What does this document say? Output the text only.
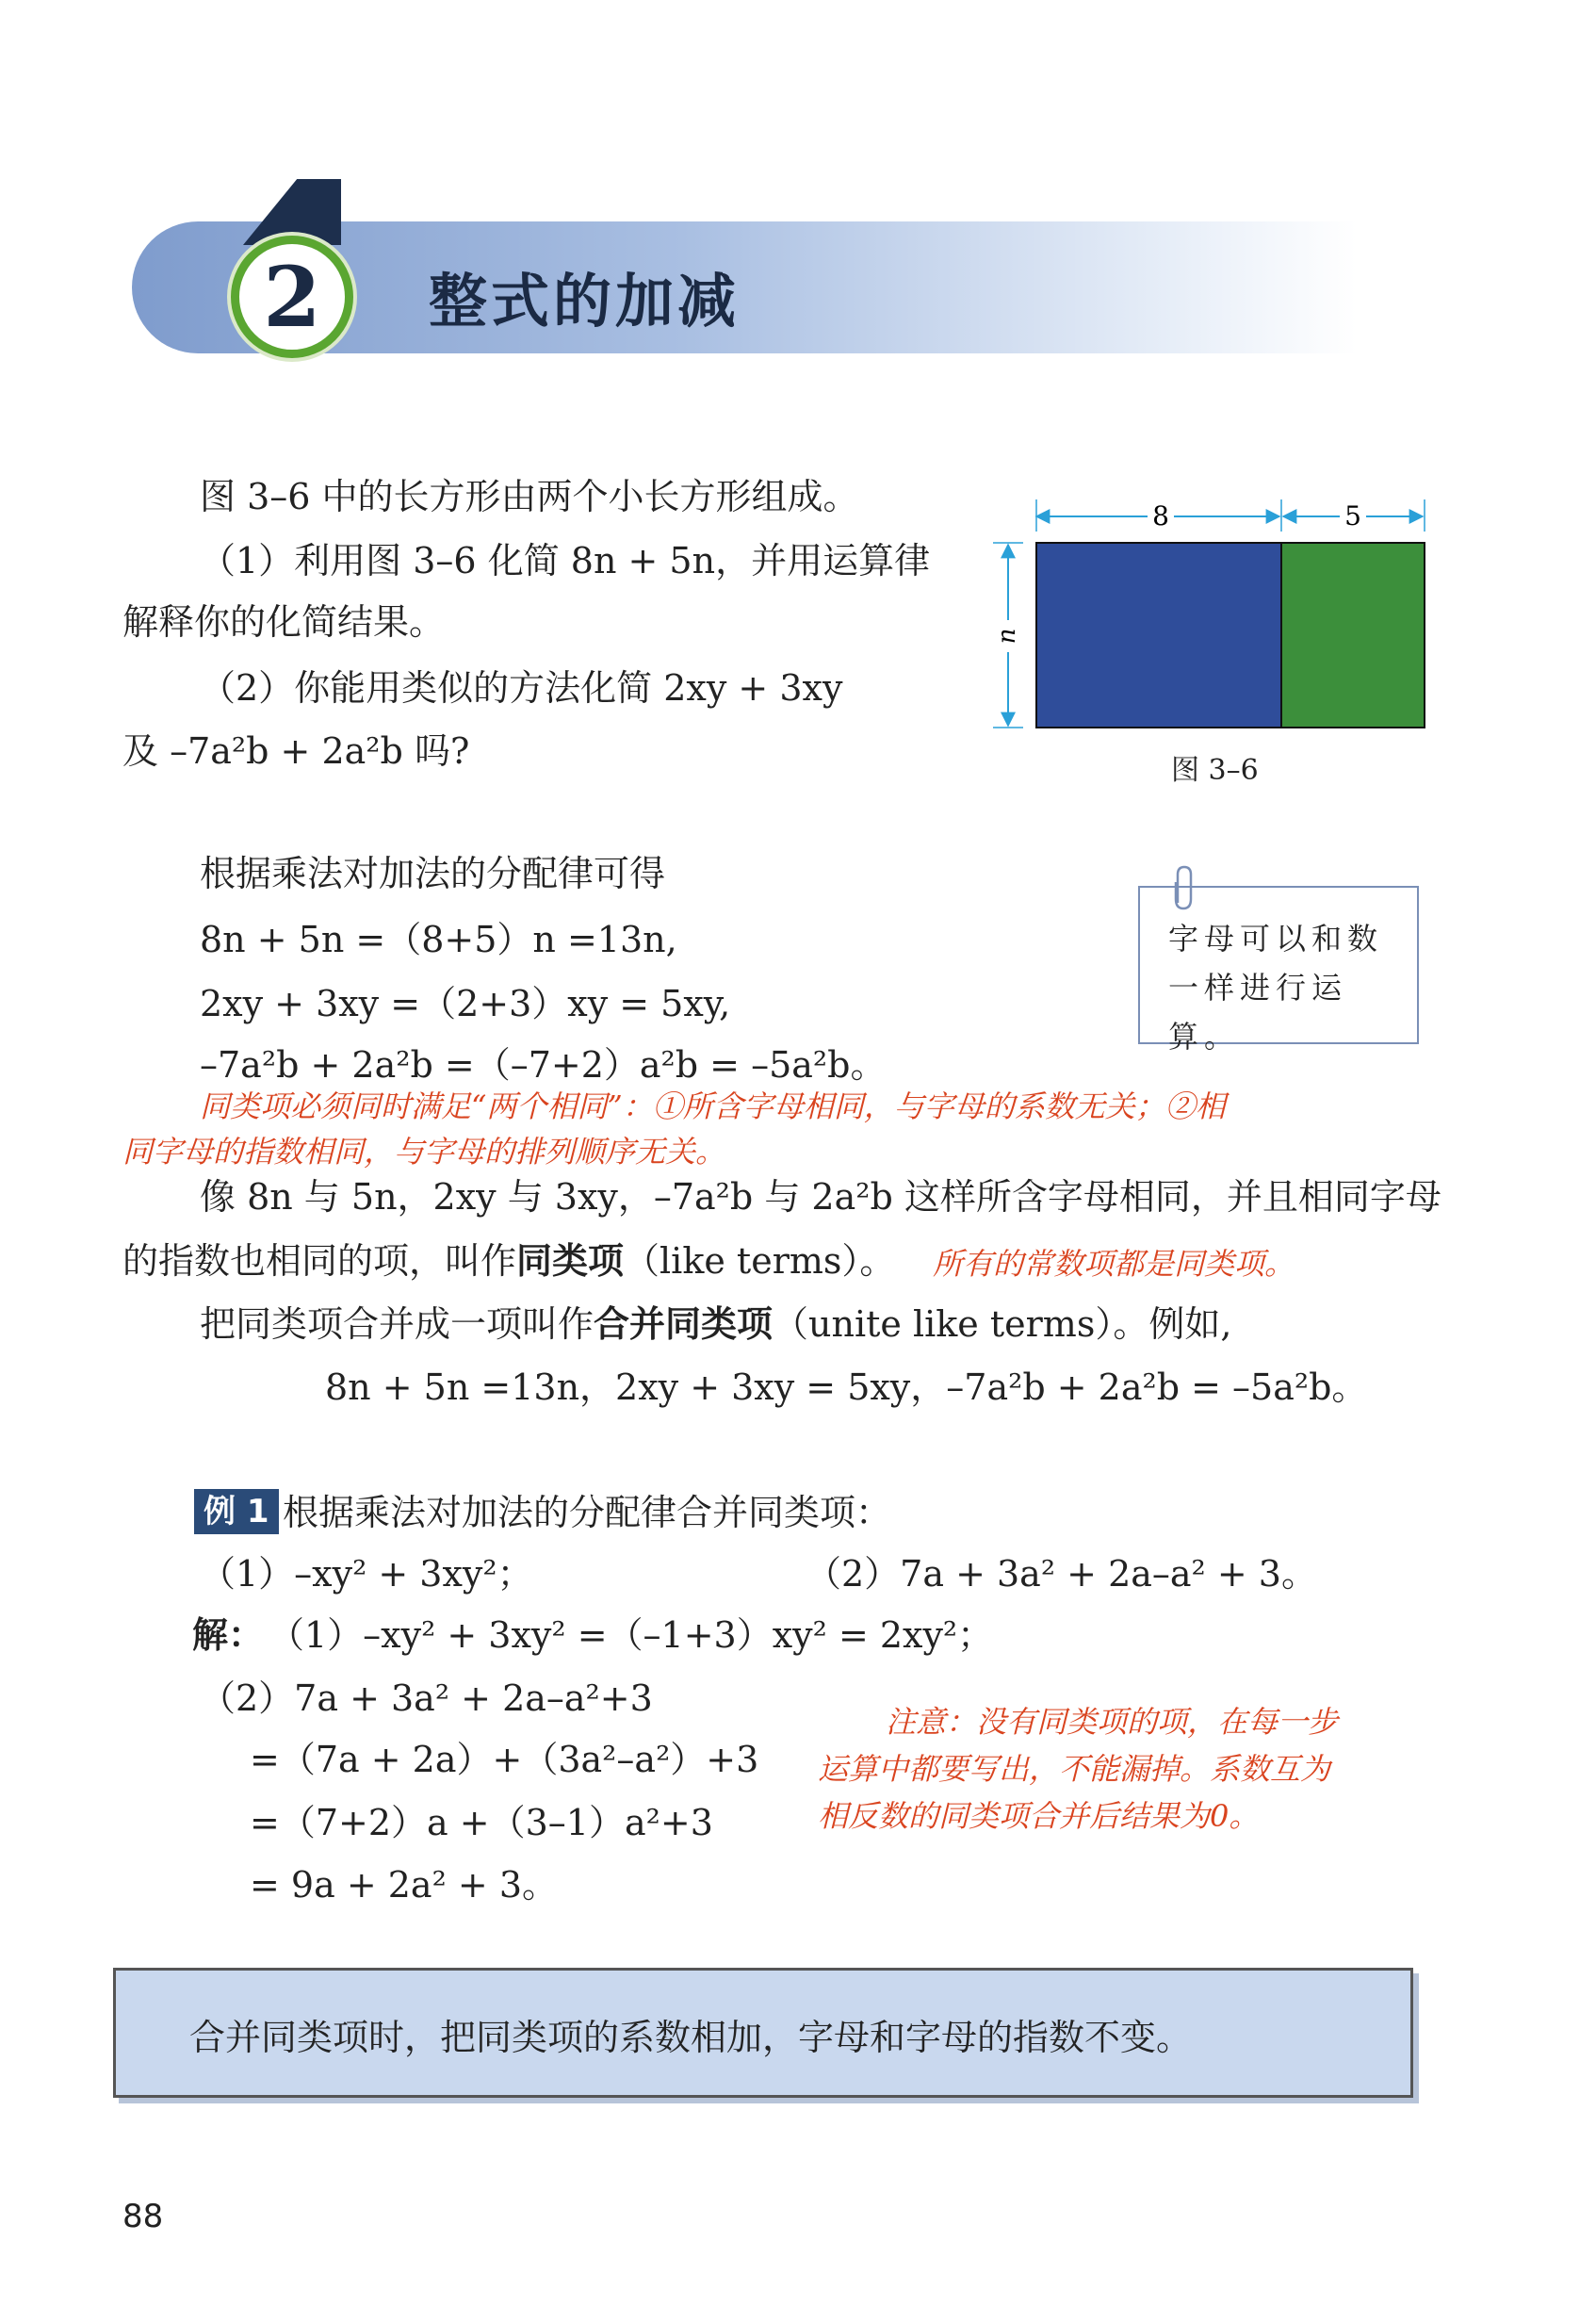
2	整式的加减
图 3–6 中的长方形由两个小长方形组成。
（1）利用图 3–6 化简 8n + 5n，并用运算律
解释你的化简结果。
（2）你能用类似的方法化简 2xy + 3xy
及 –7a²b + 2a²b 吗?
8	5
n
图 3–6
根据乘法对加法的分配律可得
8n + 5n =（8+5）n =13n,
2xy + 3xy =（2+3）xy = 5xy,
–7a²b + 2a²b =（–7+2）a²b = –5a²b。
字母可以和数
一样进行运算。
同类项必须同时满足“两个相同”：①所含字母相同，与字母的系数无关；②相
同字母的指数相同，与字母的排列顺序无关。
像 8n 与 5n，2xy 与 3xy，–7a²b 与 2a²b 这样所含字母相同，并且相同字母
的指数也相同的项，叫作同类项（like terms）。 所有的常数项都是同类项。
把同类项合并成一项叫作合并同类项（unite like terms）。例如,
8n + 5n =13n，2xy + 3xy = 5xy，–7a²b + 2a²b = –5a²b。
例 1 根据乘法对加法的分配律合并同类项：
（1）–xy² + 3xy²；	（2）7a + 3a² + 2a–a² + 3。
解： （1）–xy² + 3xy² =（–1+3）xy² = 2xy²；
（2）7a + 3a² + 2a–a²+3
=（7a + 2a）+（3a²–a²）+3
=（7+2）a +（3–1）a²+3
= 9a + 2a² + 3。
注意：没有同类项的项，在每一步
运算中都要写出，不能漏掉。系数互为
相反数的同类项合并后结果为0。
合并同类项时，把同类项的系数相加，字母和字母的指数不变。
88
